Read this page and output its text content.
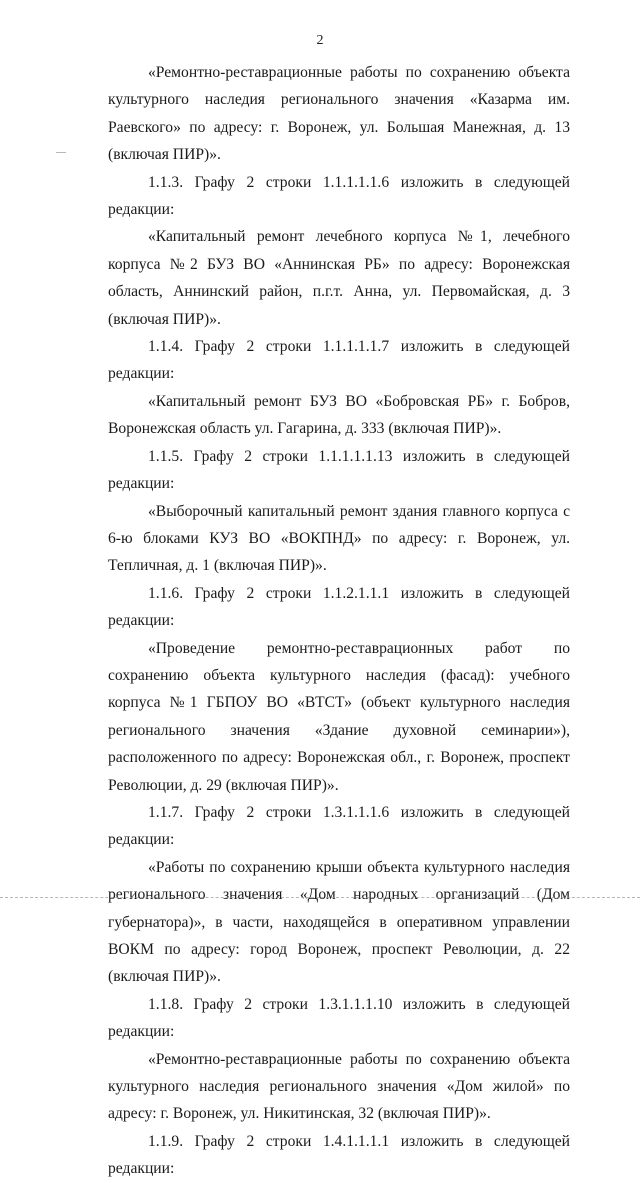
2

«Ремонтно-реставрационные работы по сохранению объекта культурного наследия регионального значения «Казарма им. Раевского» по адресу: г. Воронеж, ул. Большая Манежная, д. 13 (включая ПИР)».

1.1.3. Графу 2 строки 1.1.1.1.1.6 изложить в следующей редакции:

«Капитальный ремонт лечебного корпуса №1, лечебного корпуса №2 БУЗ ВО «Аннинская РБ» по адресу: Воронежская область, Аннинский район, п.г.т. Анна, ул. Первомайская, д. 3 (включая ПИР)».

1.1.4. Графу 2 строки 1.1.1.1.1.7 изложить в следующей редакции:

«Капитальный ремонт БУЗ ВО «Бобровская РБ» г. Бобров, Воронежская область ул. Гагарина, д. 333 (включая ПИР)».

1.1.5. Графу 2 строки 1.1.1.1.1.13 изложить в следующей редакции:

«Выборочный капитальный ремонт здания главного корпуса с 6-ю блоками КУЗ ВО «ВОКПНД» по адресу: г. Воронеж, ул. Тепличная, д. 1 (включая ПИР)».

1.1.6. Графу 2 строки 1.1.2.1.1.1 изложить в следующей редакции:

«Проведение ремонтно-реставрационных работ по сохранению объекта культурного наследия (фасад): учебного корпуса №1 ГБПОУ ВО «ВТСТ» (объект культурного наследия регионального значения «Здание духовной семинарии»), расположенного по адресу: Воронежская обл., г. Воронеж, проспект Революции, д. 29 (включая ПИР)».

1.1.7. Графу 2 строки 1.3.1.1.1.6 изложить в следующей редакции:

«Работы по сохранению крыши объекта культурного наследия регионального значения «Дом народных организаций (Дом губернатора)», в части, находящейся в оперативном управлении ВОКМ по адресу: город Воронеж, проспект Революции, д. 22 (включая ПИР)».

1.1.8. Графу 2 строки 1.3.1.1.1.10 изложить в следующей редакции:

«Ремонтно-реставрационные работы по сохранению объекта культурного наследия регионального значения «Дом жилой» по адресу: г. Воронеж, ул. Никитинская, 32 (включая ПИР)».

1.1.9. Графу 2 строки 1.4.1.1.1.1 изложить в следующей редакции:
